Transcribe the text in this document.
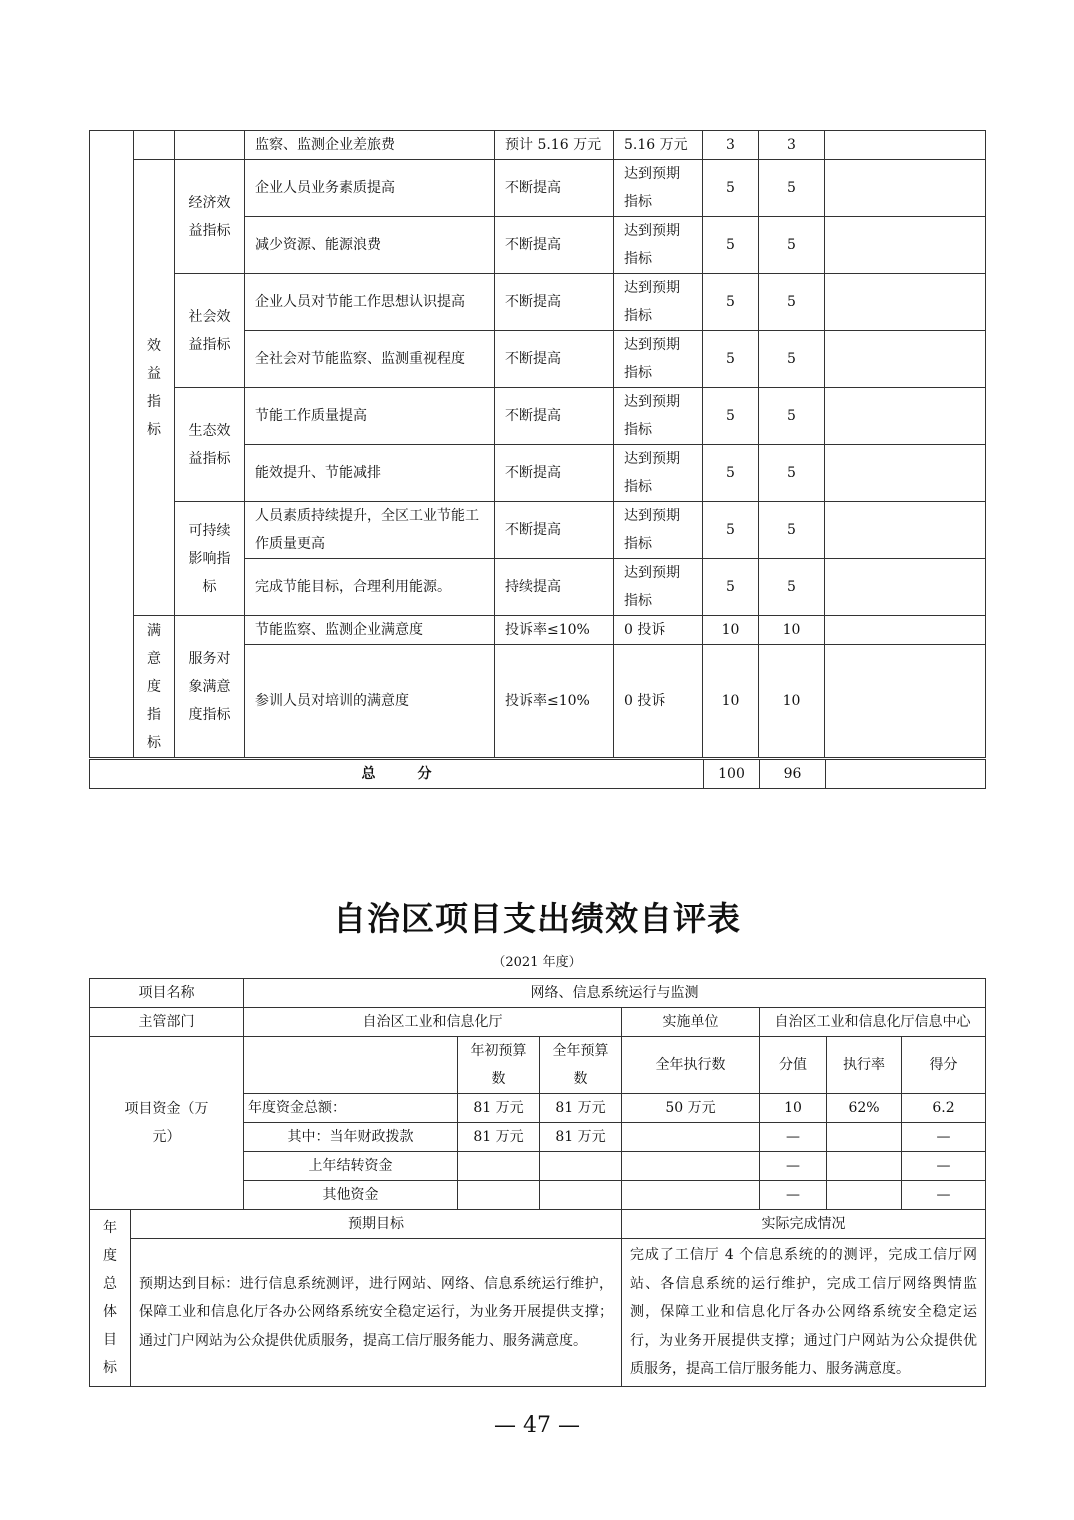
			监察、监测企业差旅费	预计 5.16 万元	5.16 万元	3	3	
	效益指标	经济效益指标	企业人员业务素质提高	不断提高	达到预期指标	5	5	
			减少资源、能源浪费	不断提高	达到预期指标	5	5	
		社会效益指标	企业人员对节能工作思想认识提高	不断提高	达到预期指标	5	5	
			全社会对节能监察、监测重视程度	不断提高	达到预期指标	5	5	
		生态效益指标	节能工作质量提高	不断提高	达到预期指标	5	5	
			能效提升、节能减排	不断提高	达到预期指标	5	5	
		可持续影响指标	人员素质持续提升，全区工业节能工作质量更高	不断提高	达到预期指标	5	5	
			完成节能目标，合理利用能源。	持续提高	达到预期指标	5	5	
	满意度指标	服务对象满意度指标	节能监察、监测企业满意度	投诉率≤10%	0 投诉	10	10	
			参训人员对培训的满意度	投诉率≤10%	0 投诉	10	10	
总　　　分	100	96	
自治区项目支出绩效自评表
（2021 年度）
项目名称		网络、信息系统运行与监测						
主管部门		自治区工业和信息化厅			实施单位	自治区工业和信息化厅信息中心		
项目资金（万元）			年初预算数	全年预算数	全年执行数	分值	执行率	得分
		年度资金总额：	81 万元	81 万元	50 万元	10	62%	6.2
		其中：当年财政拨款	81 万元	81 万元		—		—
		上年结转资金				—		—
		其他资金				—		—
年度总体目标	预期目标				实际完成情况			
	预期达到目标：进行信息系统测评，进行网站、网络、信息系统运行维护，保障工业和信息化厅各办公网络系统安全稳定运行，为业务开展提供支撑；通过门户网站为公众提供优质服务，提高工信厅服务能力、服务满意度。				完成了工信厅 4 个信息系统的的测评，完成工信厅网站、各信息系统的运行维护，完成工信厅网络舆情监测，保障工业和信息化厅各办公网络系统安全稳定运行，为业务开展提供支撑；通过门户网站为公众提供优质服务，提高工信厅服务能力、服务满意度。			
— 47 —
